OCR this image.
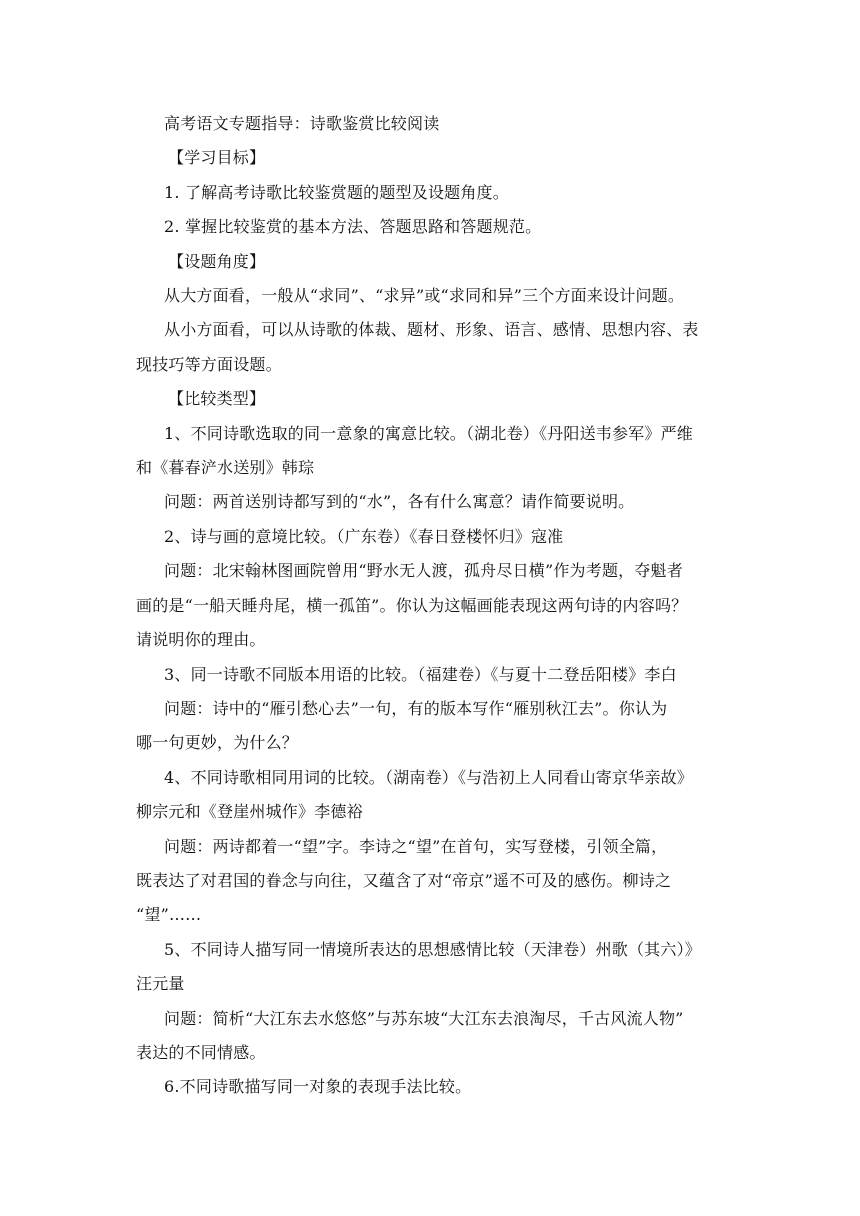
高考语文专题指导：诗歌鉴赏比较阅读
【学习目标】
1. 了解高考诗歌比较鉴赏题的题型及设题角度。
2. 掌握比较鉴赏的基本方法、答题思路和答题规范。
【设题角度】
从大方面看，一般从“求同”、“求异”或“求同和异”三个方面来设计问题。
从小方面看，可以从诗歌的体裁、题材、形象、语言、感情、思想内容、表
现技巧等方面设题。
【比较类型】
1、不同诗歌选取的同一意象的寓意比较。（湖北卷）《丹阳送韦参军》严维
和《暮春浐水送别》韩琮
问题：两首送别诗都写到的“水”，各有什么寓意？请作简要说明。
2、诗与画的意境比较。（广东卷）《春日登楼怀归》寇准
问题：北宋翰林图画院曾用“野水无人渡，孤舟尽日横”作为考题，夺魁者
画的是“一船天睡舟尾，横一孤笛”。你认为这幅画能表现这两句诗的内容吗？
请说明你的理由。
3、同一诗歌不同版本用语的比较。（福建卷）《与夏十二登岳阳楼》李白
问题：诗中的“雁引愁心去”一句，有的版本写作“雁别秋江去”。你认为
哪一句更妙，为什么？
4、不同诗歌相同用词的比较。（湖南卷）《与浩初上人同看山寄京华亲故》
柳宗元和《登崖州城作》李德裕
问题：两诗都着一“望”字。李诗之“望”在首句，实写登楼，引领全篇，
既表达了对君国的眷念与向往，又蕴含了对“帝京”遥不可及的感伤。柳诗之
“望”……
5、不同诗人描写同一情境所表达的思想感情比较（天津卷）州歌（其六）》
汪元量
问题：简析“大江东去水悠悠”与苏东坡“大江东去浪淘尽，千古风流人物”
表达的不同情感。
6.不同诗歌描写同一对象的表现手法比较。
